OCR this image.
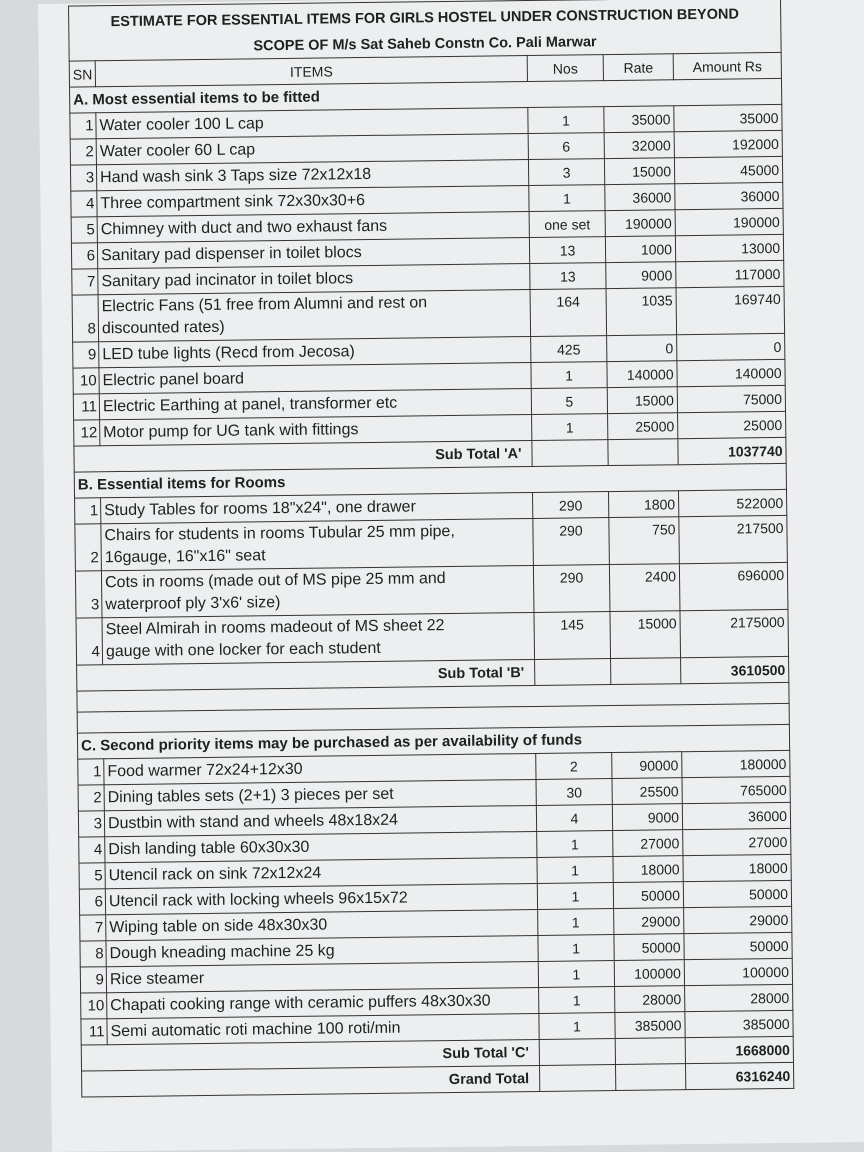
ESTIMATE FOR ESSENTIAL ITEMS FOR GIRLS HOSTEL UNDER CONSTRUCTION BEYOND				
SCOPE OF M/s Sat Saheb Constn Co. Pali Marwar				
SN	ITEMS	Nos	Rate	Amount Rs
A. Most essential items to be fitted				
1	Water cooler 100 L cap	1	35000	35000
2	Water cooler 60 L cap	6	32000	192000
3	Hand wash sink 3 Taps size 72x12x18	3	15000	45000
4	Three compartment sink 72x30x30+6	1	36000	36000
5	Chimney with duct and two exhaust fans	one set	190000	190000
6	Sanitary pad dispenser in toilet blocs	13	1000	13000
7	Sanitary pad incinator in toilet blocs	13	9000	117000
8	Electric Fans (51 free from Alumni and rest on
discounted rates)	164	1035	169740
9	LED tube lights (Recd from Jecosa)	425	0	0
10	Electric panel board	1	140000	140000
11	Electric Earthing at panel, transformer etc	5	15000	75000
12	Motor pump for UG tank with fittings	1	25000	25000
Sub Total 'A'				1037740
B. Essential items for Rooms				
1	Study Tables for rooms 18"x24", one drawer	290	1800	522000
2	Chairs for students in rooms Tubular 25 mm pipe,
16gauge, 16"x16" seat	290	750	217500
3	Cots in rooms (made out of MS pipe 25 mm and
waterproof ply 3'x6' size)	290	2400	696000
4	Steel Almirah in rooms madeout of MS sheet 22
gauge with one locker for each student	145	15000	2175000
Sub Total 'B'				3610500

C. Second priority items may be purchased as per availability of funds				
1	Food warmer 72x24+12x30	2	90000	180000
2	Dining tables sets (2+1) 3 pieces per set	30	25500	765000
3	Dustbin with stand and wheels 48x18x24	4	9000	36000
4	Dish landing table 60x30x30	1	27000	27000
5	Utencil rack on sink 72x12x24	1	18000	18000
6	Utencil rack with locking wheels 96x15x72	1	50000	50000
7	Wiping table on side 48x30x30	1	29000	29000
8	Dough kneading machine 25 kg	1	50000	50000
9	Rice steamer	1	100000	100000
10	Chapati cooking range with ceramic puffers 48x30x30	1	28000	28000
11	Semi automatic roti machine 100 roti/min	1	385000	385000
Sub Total 'C'				1668000
Grand Total				6316240
